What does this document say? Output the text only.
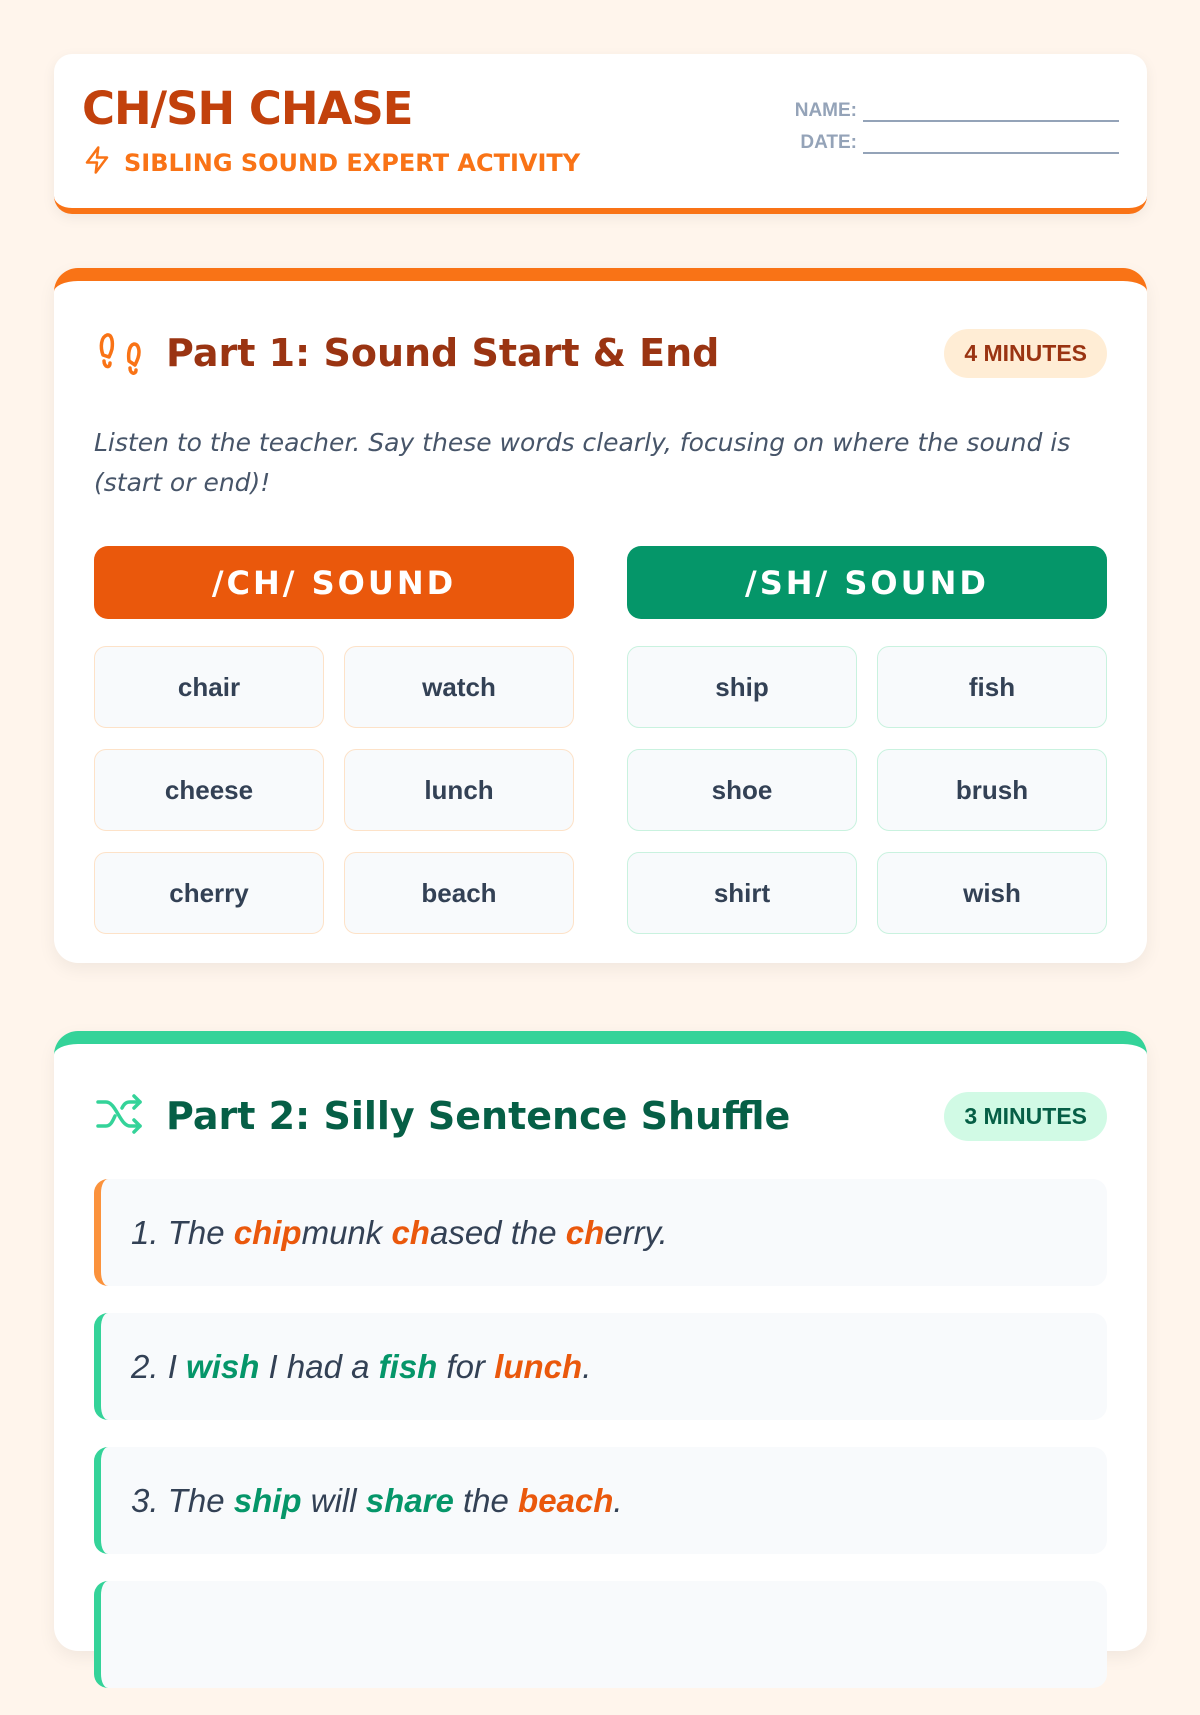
CH/SH CHASE
SIBLING SOUND EXPERT ACTIVITY
NAME:
DATE:
Part 1: Sound Start & End	4 MINUTES

Listen to the teacher. Say these words clearly, focusing on where the sound is (start or end)!

/CH/ SOUND
chair	watch
cheese	lunch
cherry	beach
/SH/ SOUND
ship	fish
shoe	brush
shirt	wish
Part 2: Silly Sentence Shuffle	3 MINUTES
1. The chip munk ch ased the ch erry.
2. I wish I had a fish for lunch .
3. The ship will share the beach .
